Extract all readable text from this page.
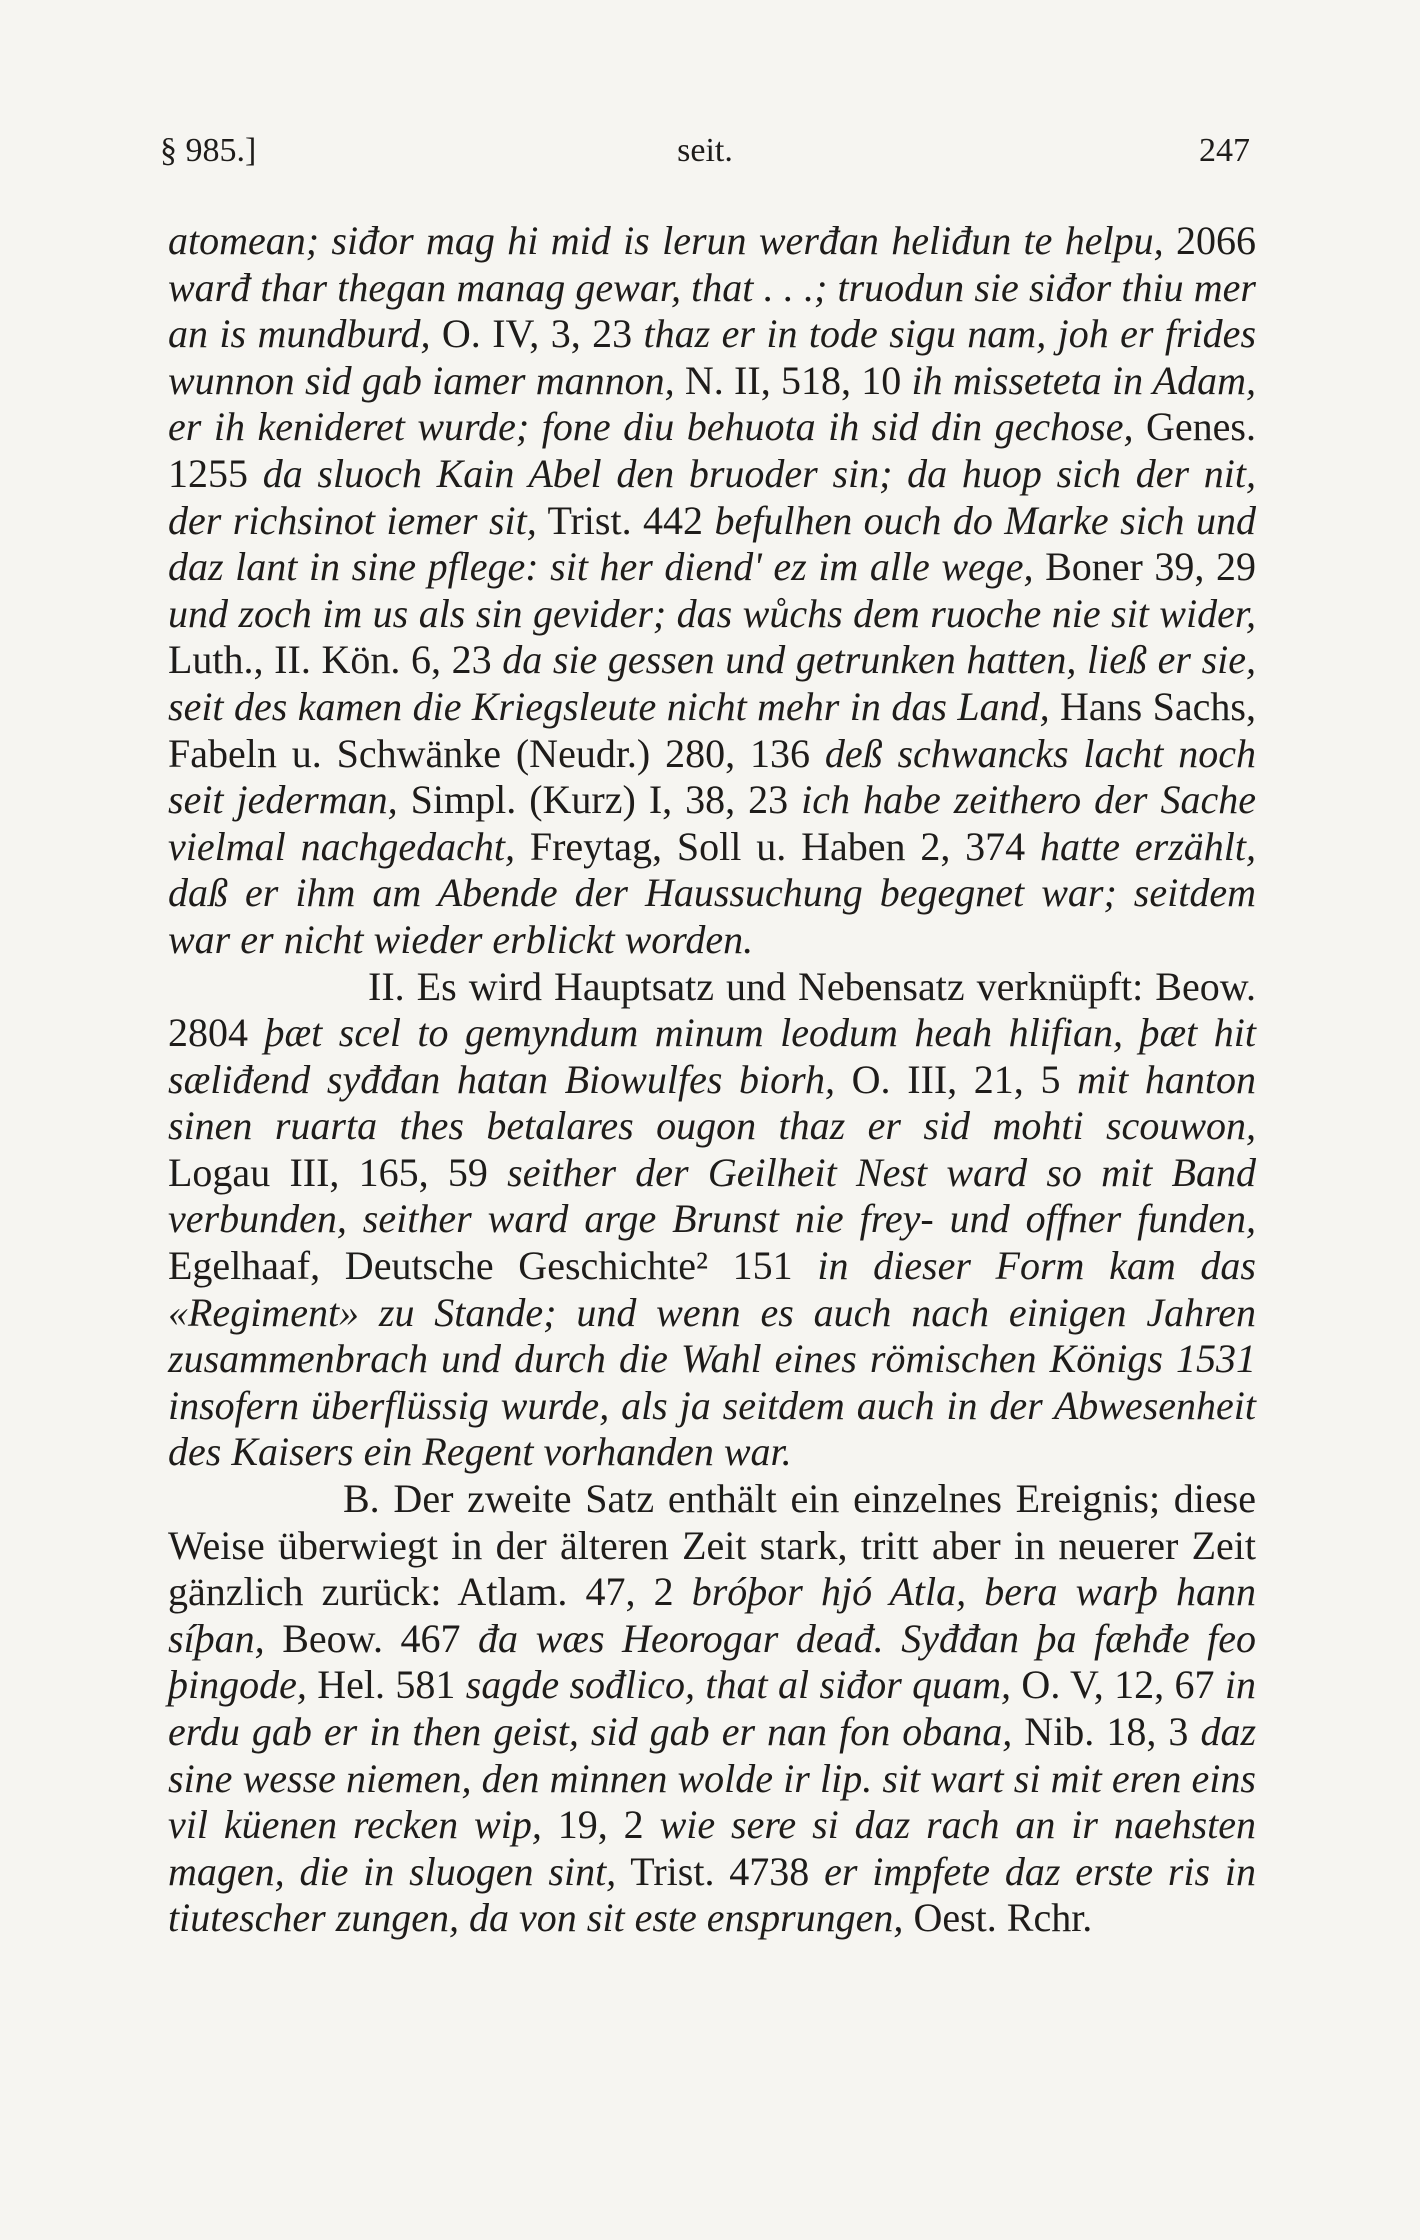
§ 985.]	seit.	247

atomean; siđor mag hi mid is lerun werđan heliđun te helpu, 2066 warđ thar thegan manag gewar, that . . .; truodun sie siđor thiu mer an is mundburd, O. IV, 3, 23 thaz er in tode sigu nam, joh er frides wunnon sid gab iamer mannon, N. II, 518, 10 ih misseteta in Adam, er ih kenideret wurde; fone diu behuota ih sid din gechose, Genes. 1255 da sluoch Kain Abel den bruoder sin; da huop sich der nit, der richsinot iemer sit, Trist. 442 befulhen ouch do Marke sich und daz lant in sine pflege: sit her diend' ez im alle wege, Boner 39, 29 und zoch im us als sin gevider; das wůchs dem ruoche nie sit wider, Luth., II. Kön. 6, 23 da sie gessen und getrunken hatten, ließ er sie, seit des kamen die Kriegsleute nicht mehr in das Land, Hans Sachs, Fabeln u. Schwänke (Neudr.) 280, 136 deß schwancks lacht noch seit jederman, Simpl. (Kurz) I, 38, 23 ich habe zeithero der Sache vielmal nachgedacht, Freytag, Soll u. Haben 2, 374 hatte erzählt, daß er ihm am Abende der Haussuchung begegnet war; seitdem war er nicht wieder erblickt worden.

II. Es wird Hauptsatz und Nebensatz verknüpft: Beow. 2804 þæt scel to gemyndum minum leodum heah hlifian, þæt hit sæliđend syđđan hatan Biowulfes biorh, O. III, 21, 5 mit hanton sinen ruarta thes betalares ougon thaz er sid mohti scouwon, Logau III, 165, 59 seither der Geilheit Nest ward so mit Band verbunden, seither ward arge Brunst nie frey- und offner funden, Egelhaaf, Deutsche Geschichte² 151 in dieser Form kam das «Regiment» zu Stande; und wenn es auch nach einigen Jahren zusammenbrach und durch die Wahl eines römischen Königs 1531 insofern überflüssig wurde, als ja seitdem auch in der Abwesenheit des Kaisers ein Regent vorhanden war.

B. Der zweite Satz enthält ein einzelnes Ereignis; diese Weise überwiegt in der älteren Zeit stark, tritt aber in neuerer Zeit gänzlich zurück: Atlam. 47, 2 bróþor hjó Atla, bera warþ hann síþan, Beow. 467 đa wæs Heorogar deađ. Syđđan þa fæhđe feo þingode, Hel. 581 sagde sođlico, that al siđor quam, O. V, 12, 67 in erdu gab er in then geist, sid gab er nan fon obana, Nib. 18, 3 daz sine wesse niemen, den minnen wolde ir lip. sit wart si mit eren eins vil küenen recken wip, 19, 2 wie sere si daz rach an ir naehsten magen, die in sluogen sint, Trist. 4738 er impfete daz erste ris in tiutescher zungen, da von sit este ensprungen, Oest. Rchr.
